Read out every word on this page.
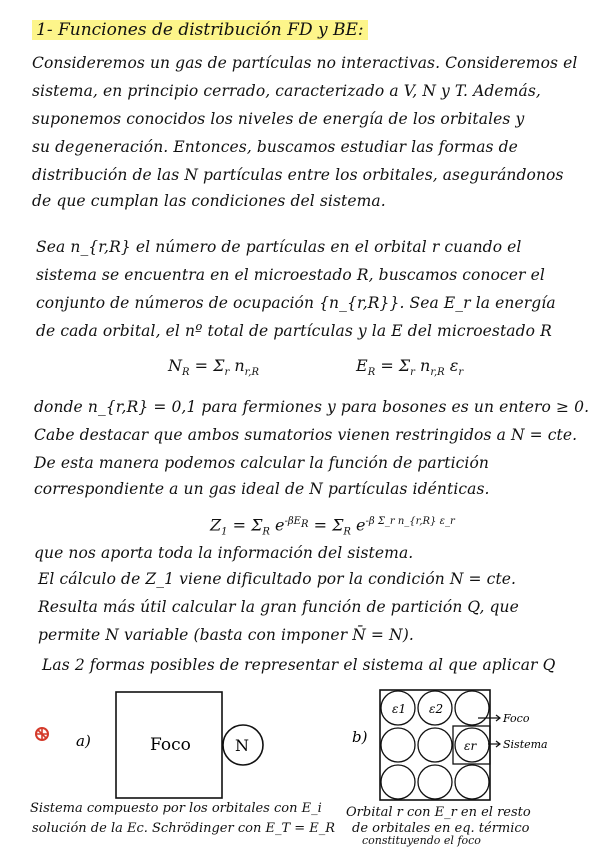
1- Funciones de distribución FD y BE:
Consideremos un gas de partículas no interactivas. Consideremos el
sistema, en principio cerrado, caracterizado a V, N y T. Además,
suponemos conocidos los niveles de energía de los orbitales y
su degeneración. Entonces, buscamos estudiar las formas de
distribución de las N partículas entre los orbitales, asegurándonos
de que cumplan las condiciones del sistema.
Sea n_{r,R} el número de partículas en el orbital r cuando el
sistema se encuentra en el microestado R, buscamos conocer el
conjunto de números de ocupación {n_{r,R}}. Sea E_r la energía
de cada orbital, el nº total de partículas y la E del microestado R
$N_R = \Sigma_r$ $n_{r,R}$	$E_R = \Sigma_r$ $n_{r,R}$ $\varepsilon_r$
donde n_{r,R} = 0,1 para fermiones y para bosones es un entero ≥ 0.
Cabe destacar que ambos sumatorios vienen restringidos a N = cte.
De esta manera podemos calcular la función de partición
correspondiente a un gas ideal de N partículas idénticas.
$Z_1 = \Sigma_R$ $e^{-\beta E_R} = \Sigma_R$ $e^{-\beta \Sigma\_r n\_\{r,R\} \varepsilon\_r}$
que nos aporta toda la información del sistema.
El cálculo de Z_1 viene dificultado por la condición N = cte.
Resulta más útil calcular la gran función de partición Q, que
permite N variable (basta con imponer N̄ = N).
Las 2 formas posibles de representar el sistema al que aplicar Q
a)	Foco	N	b)
ε1 ε2
εr
Foco
Sistema
Sistema compuesto por los orbitales con E_i
solución de la Ec. Schrödinger con E_T = E_R
Orbital r con E_r en el resto
de orbitales en eq. térmico
constituyendo el foco
